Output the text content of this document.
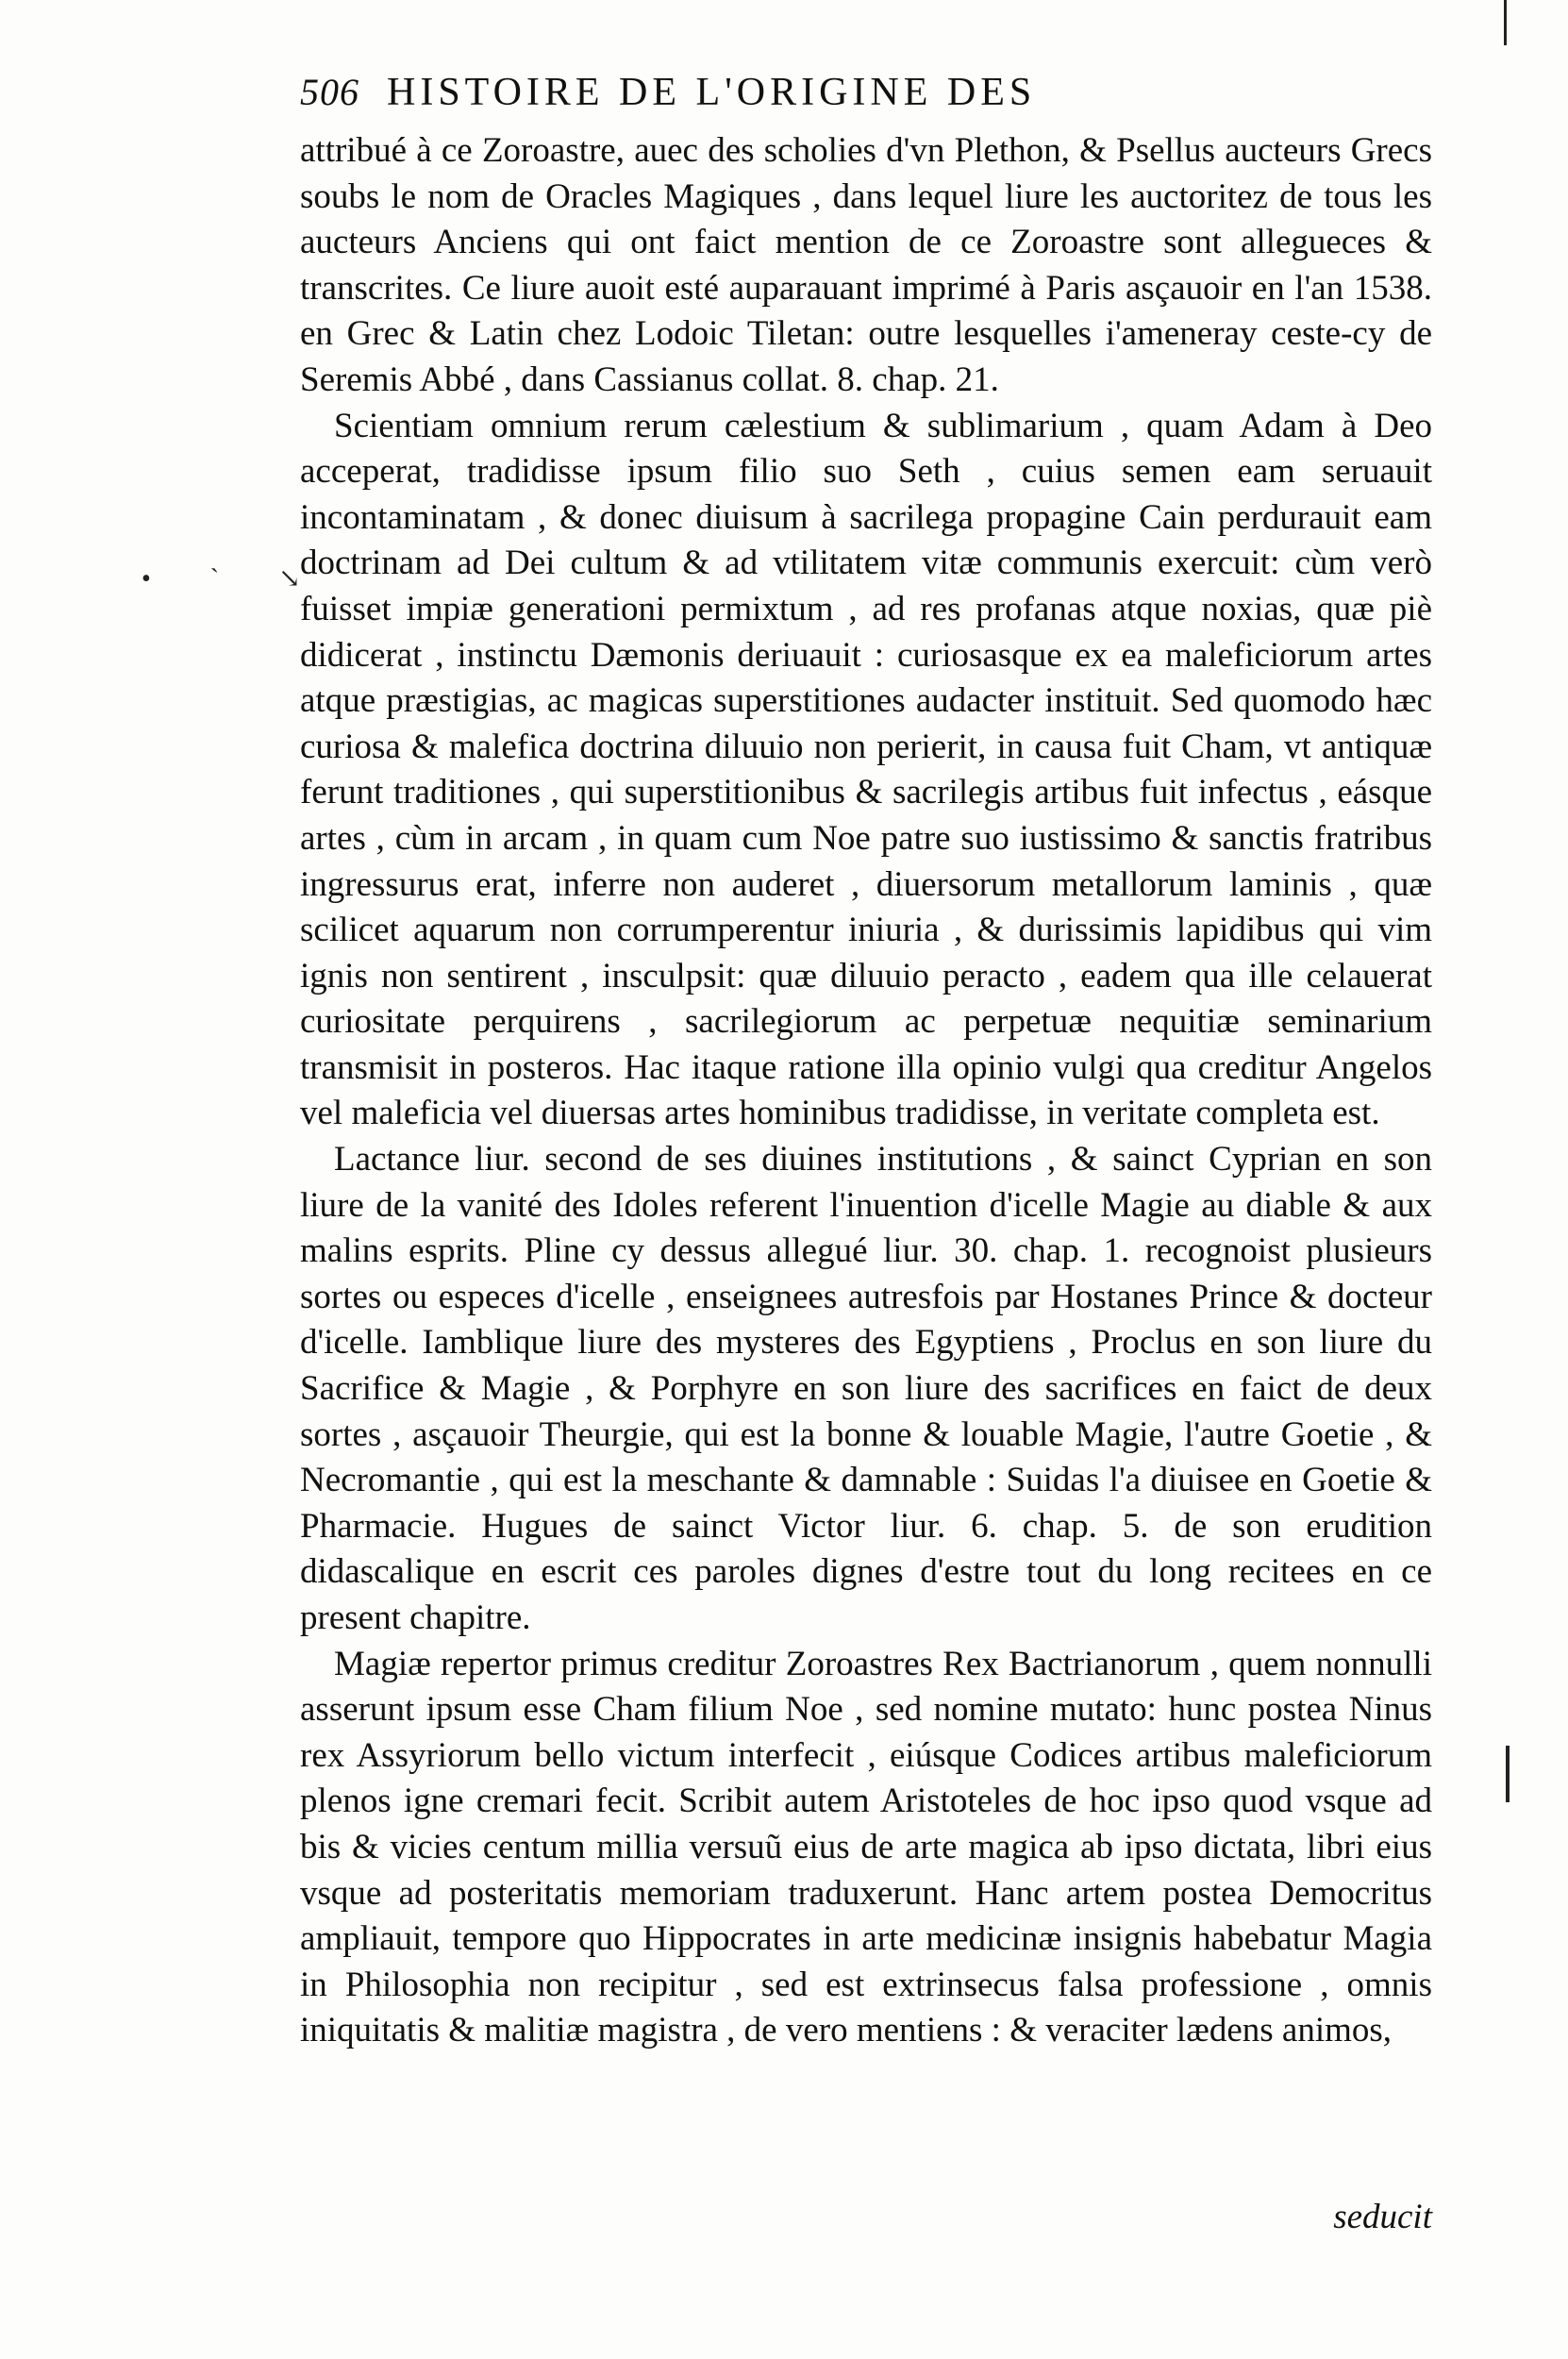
• ˋ ↘
506 HISTOIRE DE L'ORIGINE DES

attribué à ce Zoroastre, auec des scholies d'vn Plethon, & Psellus aucteurs Grecs soubs le nom de Oracles Magiques , dans lequel liure les auctoritez de tous les aucteurs Anciens qui ont faict mention de ce Zoroastre sont allegueces & transcrites. Ce liure auoit esté auparauant imprimé à Paris asçauoir en l'an 1538. en Grec & Latin chez Lodoic Tiletan: outre lesquelles i'ameneray ceste-cy de Seremis Abbé , dans Cassianus collat. 8. chap. 21.

Scientiam omnium rerum cælestium & sublimarium , quam Adam à Deo acceperat, tradidisse ipsum filio suo Seth , cuius semen eam seruauit incontaminatam , & donec diuisum à sacrilega propagine Cain perdurauit eam doctrinam ad Dei cultum & ad vtilitatem vitæ communis exercuit: cùm verò fuisset impiæ generationi permixtum , ad res profanas atque noxias, quæ piè didicerat , instinctu Dæmonis deriuauit : curiosasque ex ea maleficiorum artes atque præstigias, ac magicas superstitiones audacter instituit. Sed quomodo hæc curiosa & malefica doctrina diluuio non perierit, in causa fuit Cham, vt antiquæ ferunt traditiones , qui superstitionibus & sacrilegis artibus fuit infectus , eásque artes , cùm in arcam , in quam cum Noe patre suo iustissimo & sanctis fratribus ingressurus erat, inferre non auderet , diuersorum metallorum laminis , quæ scilicet aquarum non corrumperentur iniuria , & durissimis lapidibus qui vim ignis non sentirent , insculpsit: quæ diluuio peracto , eadem qua ille celauerat curiositate perquirens , sacrilegiorum ac perpetuæ nequitiæ seminarium transmisit in posteros. Hac itaque ratione illa opinio vulgi qua creditur Angelos vel maleficia vel diuersas artes hominibus tradidisse, in veritate completa est.

Lactance liur. second de ses diuines institutions , & sainct Cyprian en son liure de la vanité des Idoles referent l'inuention d'icelle Magie au diable & aux malins esprits. Pline cy dessus allegué liur. 30. chap. 1. recognoist plusieurs sortes ou especes d'icelle , enseignees autresfois par Hostanes Prince & docteur d'icelle. Iamblique liure des mysteres des Egyptiens , Proclus en son liure du Sacrifice & Magie , & Porphyre en son liure des sacrifices en faict de deux sortes , asçauoir Theurgie, qui est la bonne & louable Magie, l'autre Goetie , & Necromantie , qui est la meschante & damnable : Suidas l'a diuisee en Goetie & Pharmacie. Hugues de sainct Victor liur. 6. chap. 5. de son erudition didascalique en escrit ces paroles dignes d'estre tout du long recitees en ce present chapitre.

Magiæ repertor primus creditur Zoroastres Rex Bactrianorum , quem nonnulli asserunt ipsum esse Cham filium Noe , sed nomine mutato: hunc postea Ninus rex Assyriorum bello victum interfecit , eiúsque Codices artibus maleficiorum plenos igne cremari fecit. Scribit autem Aristoteles de hoc ipso quod vsque ad bis & vicies centum millia versuũ eius de arte magica ab ipso dictata, libri eius vsque ad posteritatis memoriam traduxerunt. Hanc artem postea Democritus ampliauit, tempore quo Hippocrates in arte medicinæ insignis habebatur Magia in Philosophia non recipitur , sed est extrinsecus falsa professione , omnis iniquitatis & malitiæ magistra , de vero mentiens : & veraciter lædens animos,

seducit
